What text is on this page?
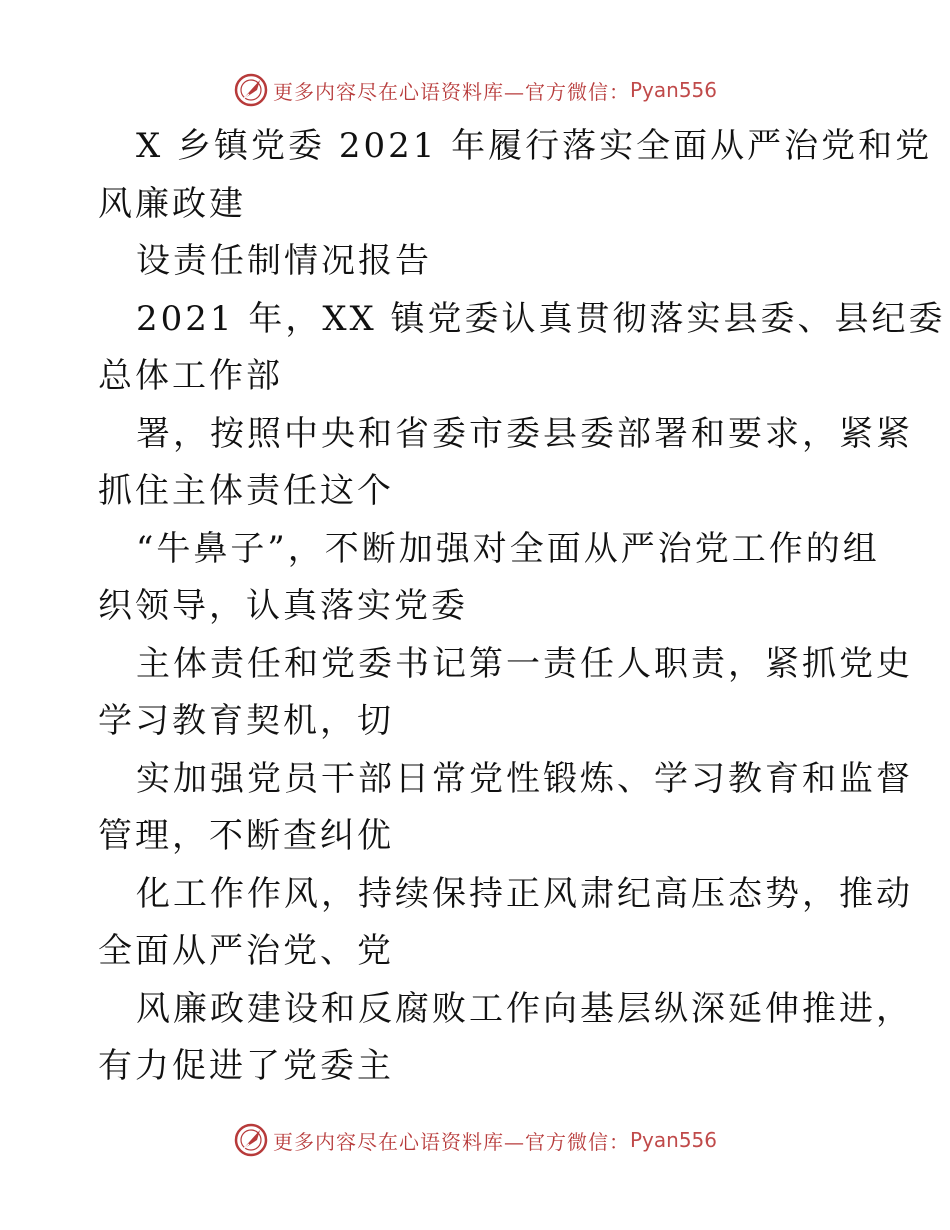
更多内容尽在心语资料库— 官方微信： Pyan556
X 乡镇党委 2021 年履行落实全面从严治党和党
风廉政建
设责任制情况报告
2021 年，XX 镇党委认真贯彻落实县委、县纪委
总体工作部
署，按照中央和省委市委县委部署和要求，紧紧
抓住主体责任这个
“牛鼻子”，不断加强对全面从严治党工作的组
织领导，认真落实党委
主体责任和党委书记第一责任人职责，紧抓党史
学习教育契机，切
实加强党员干部日常党性锻炼、学习教育和监督
管理，不断查纠优
化工作作风，持续保持正风肃纪高压态势，推动
全面从严治党、党
风廉政建设和反腐败工作向基层纵深延伸推进，
有力促进了党委主
更多内容尽在心语资料库— 官方微信： Pyan556
